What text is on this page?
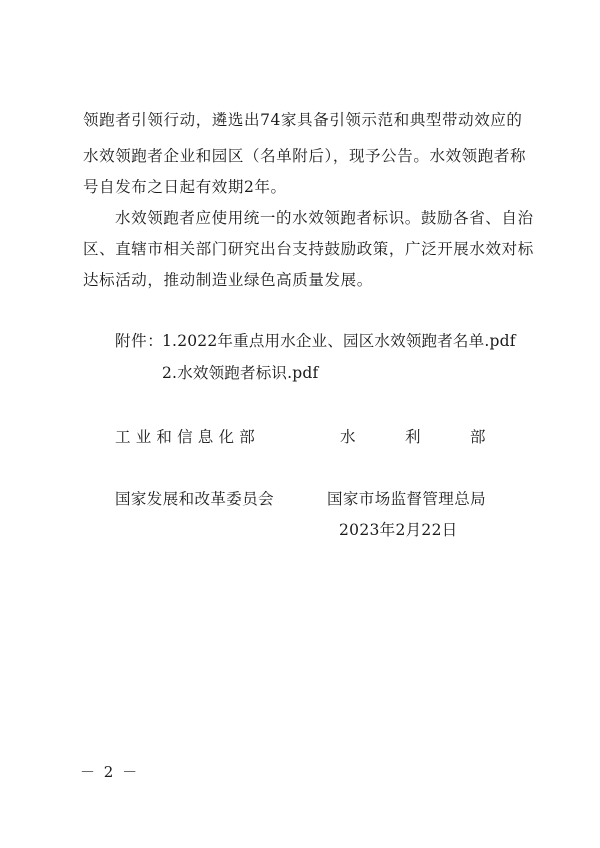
领跑者引领行动，遴选出74家具备引领示范和典型带动效应的
水效领跑者企业和园区（名单附后），现予公告。水效领跑者称
号自发布之日起有效期2年。
水效领跑者应使用统一的水效领跑者标识。鼓励各省、自治
区、直辖市相关部门研究出台支持鼓励政策，广泛开展水效对标
达标活动，推动制造业绿色高质量发展。
附件：
1.2022年重点用水企业、园区水效领跑者名单.pdf
2.水效领跑者标识.pdf
工业和信息化部	水	利	部
国家发展和改革委员会	国家市场监督管理总局
2023年2月22日
－ 2 －
